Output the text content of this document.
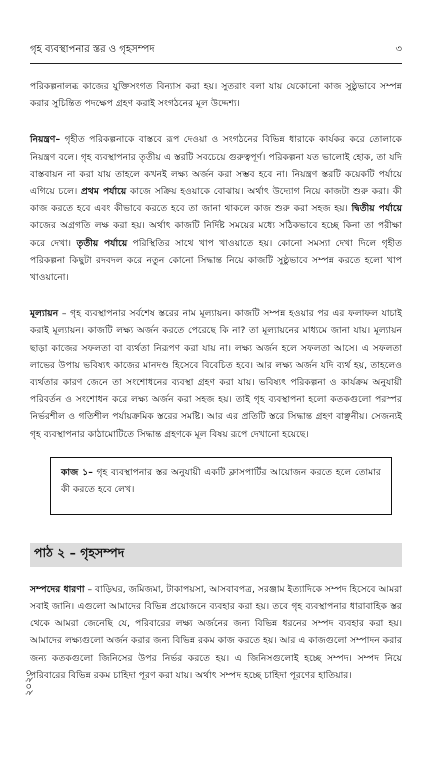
গৃহ ব্যবস্থাপনার স্তর ও গৃহসম্পদ	৩

পরিকল্পনালব্ধ কাজের যুক্তিসংগত বিন্যাস করা হয়। সুতরাং বলা যায় যেকোনো কাজ সুষ্ঠুভাবে সম্পন্ন করার সুচিন্তিত পদক্ষেপ গ্রহণ করাই সংগঠনের মূল উদ্দেশ্য।

নিয়ন্ত্রণ– গৃহীত পরিকল্পনাকে বাস্তবে রূপ দেওয়া ও সংগঠনের বিভিন্ন ধারাকে কার্যকর করে তোলাকে নিয়ন্ত্রণ বলে। গৃহ ব্যবস্থাপনার তৃতীয় এ স্তরটি সবচেয়ে গুরুত্বপূর্ণ। পরিকল্পনা যত ভালোই হোক, তা যদি বাস্তবায়ন না করা যায় তাহলে কখনই লক্ষ্য অর্জন করা সম্ভব হবে না। নিয়ন্ত্রণ স্তরটি কয়েকটি পর্যায়ে এগিয়ে চলে। প্রথম পর্যায়ে কাজে সক্রিয় হওয়াকে বোঝায়। অর্থাৎ উদ্যোগ নিয়ে কাজটা শুরু করা। কী কাজ করতে হবে এবং কীভাবে করতে হবে তা জানা থাকলে কাজ শুরু করা সহজ হয়। দ্বিতীয় পর্যায়ে কাজের অগ্রগতি লক্ষ করা হয়। অর্থাৎ কাজটি নির্দিষ্ট সময়ের মধ্যে সঠিকভাবে হচ্ছে কিনা তা পরীক্ষা করে দেখা। তৃতীয় পর্যায়ে পরিস্থিতির সাথে খাপ খাওয়াতে হয়। কোনো সমস্যা দেখা দিলে গৃহীত পরিকল্পনা কিছুটা রদবদল করে নতুন কোনো সিদ্ধান্ত নিয়ে কাজটি সুষ্ঠুভাবে সম্পন্ন করতে হলো খাপ খাওয়ানো।

মূল্যায়ন – গৃহ ব্যবস্থাপনার সর্বশেষ স্তরের নাম মূল্যায়ন। কাজটি সম্পন্ন হওয়ার পর এর ফলাফল যাচাই করাই মূল্যায়ন। কাজটি লক্ষ্য অর্জন করতে পেরেছে কি না? তা মূল্যায়নের মাধ্যমে জানা যায়। মূল্যায়ন ছাড়া কাজের সফলতা বা ব্যর্থতা নিরূপণ করা যায় না। লক্ষ্য অর্জন হলে সফলতা আসে। এ সফলতা লাভের উপায় ভবিষ্যৎ কাজের মানদণ্ড হিসেবে বিবেচিত হবে। আর লক্ষ্য অর্জন যদি ব্যর্থ হয়, তাহলেও ব্যর্থতার কারণ জেনে তা সংশোধনের ব্যবস্থা গ্রহণ করা যায়। ভবিষ্যৎ পরিকল্পনা ও কার্যক্রম অনুযায়ী পরিবর্তন ও সংশোধন করে লক্ষ্য অর্জন করা সহজ হয়। তাই গৃহ ব্যবস্থাপনা হলো কতকগুলো পরস্পর নির্ভরশীল ও গতিশীল পর্যায়ক্রমিক স্তরের সমষ্টি। আর এর প্রতিটি স্তরে সিদ্ধান্ত গ্রহণ বাঞ্ছনীয়। সেজন্যই গৃহ ব্যবস্থাপনার কাঠামোটিতে সিদ্ধান্ত গ্রহণকে মূল বিষয় রূপে দেখানো হয়েছে।

কাজ ১– গৃহ ব্যবস্থাপনার স্তর অনুযায়ী একটি ক্লাসপার্টির আয়োজন করতে হলে তোমার কী করতে হবে লেখ।

পাঠ ২ – গৃহসম্পদ

সম্পদের ধারণা – বাড়িঘর, জমিজমা, টাকাপয়সা, আসবাবপত্র, সরঞ্জাম ইত্যাদিকে সম্পদ হিসেবে আমরা সবাই জানি। এগুলো আমাদের বিভিন্ন প্রয়োজনে ব্যবহার করা হয়। তবে গৃহ ব্যবস্থাপনার ধারাবাহিক স্তর থেকে আমরা জেনেছি যে, পরিবারের লক্ষ্য অর্জনের জন্য বিভিন্ন ধরনের সম্পদ ব্যবহার করা হয়। আমাদের লক্ষ্যগুলো অর্জন করার জন্য বিভিন্ন রকম কাজ করতে হয়। আর এ কাজগুলো সম্পাদন করার জন্য কতকগুলো জিনিসের উপর নির্ভর করতে হয়। এ জিনিসগুলোই হচ্ছে সম্পদ। সম্পদ নিয়ে পরিবারের বিভিন্ন রকম চাহিদা পূরণ করা যায়। অর্থাৎ সম্পদ হচ্ছে চাহিদা পূরণের হাতিয়ার।

২০২৩
